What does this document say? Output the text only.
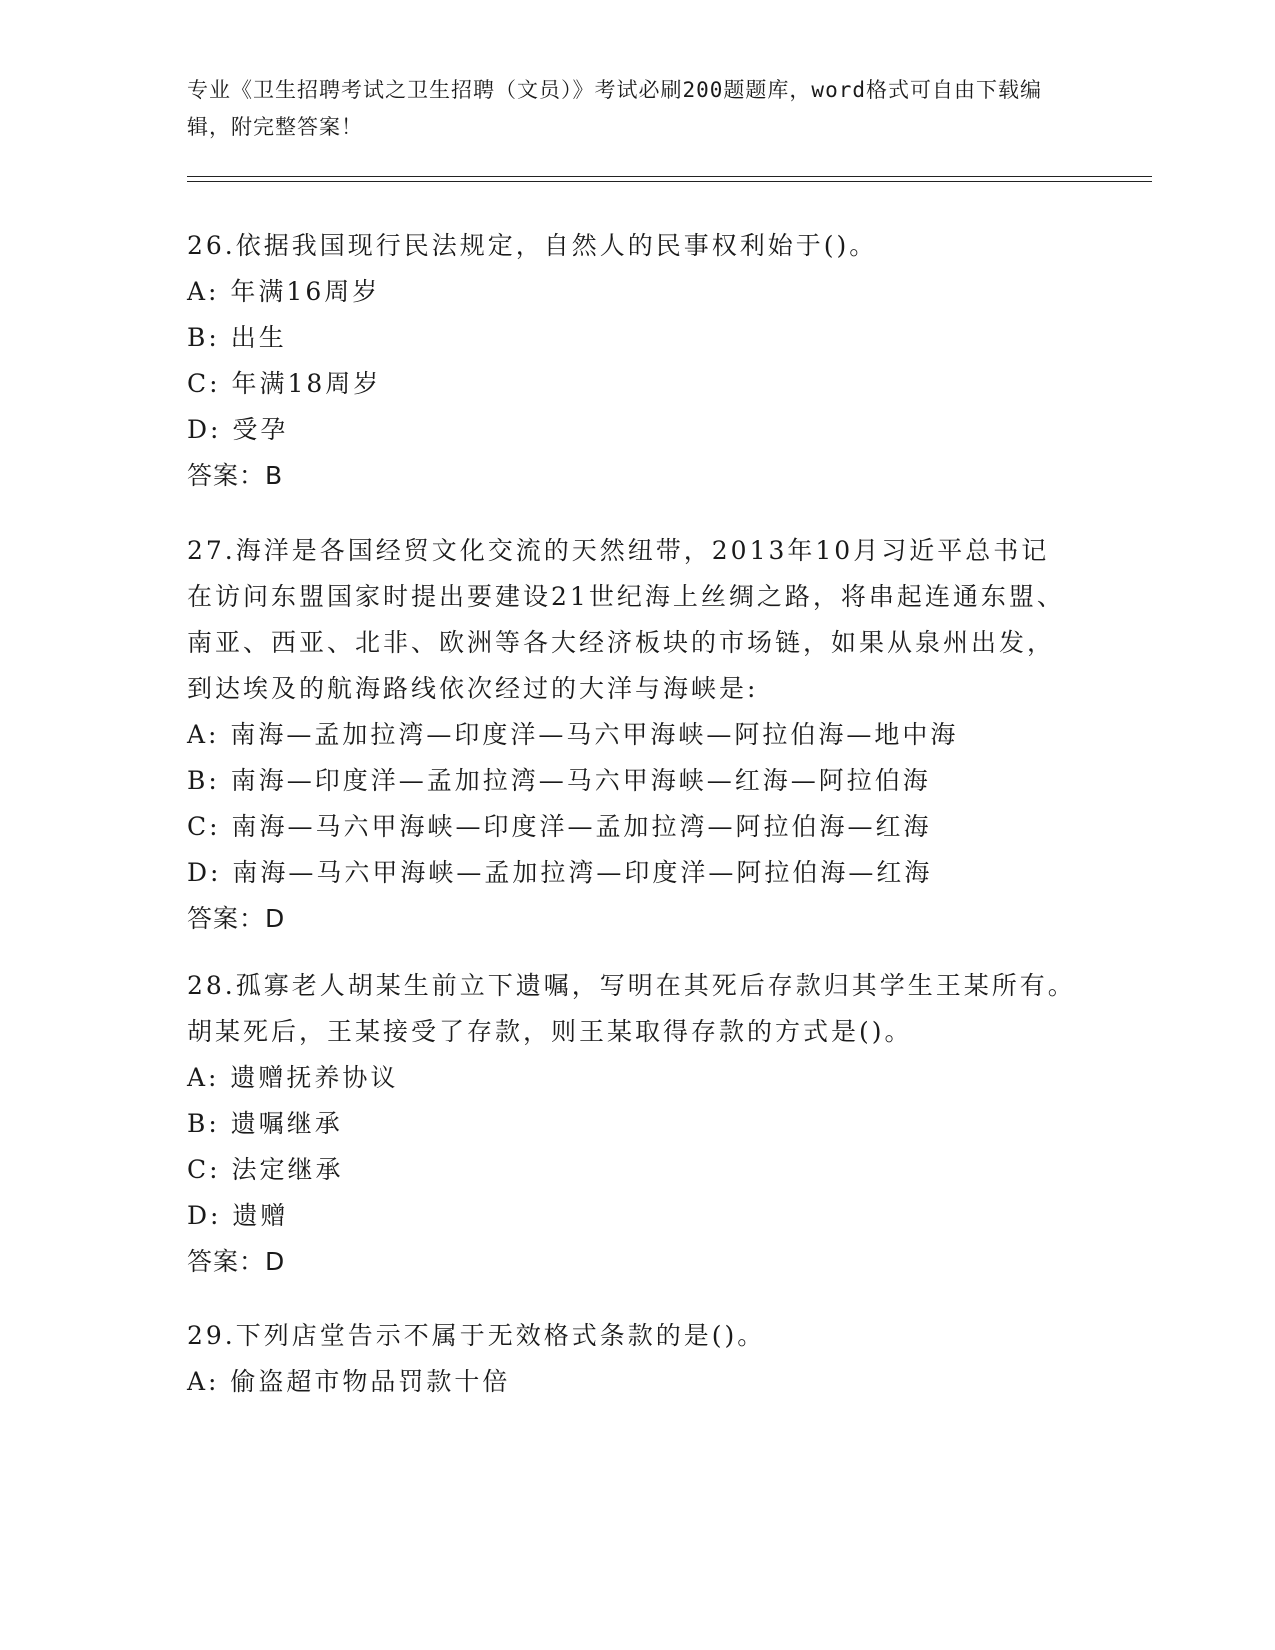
专业《卫生招聘考试之卫生招聘（文员）》考试必刷200题题库，word格式可自由下载编辑，附完整答案！
26.依据我国现行民法规定，自然人的民事权利始于()。
A: 年满16周岁
B: 出生
C: 年满18周岁
D: 受孕
答案：B
27.海洋是各国经贸文化交流的天然纽带，2013年10月习近平总书记在访问东盟国家时提出要建设21世纪海上丝绸之路，将串起连通东盟、南亚、西亚、北非、欧洲等各大经济板块的市场链，如果从泉州出发，到达埃及的航海路线依次经过的大洋与海峡是:
A: 南海—孟加拉湾—印度洋—马六甲海峡—阿拉伯海—地中海
B: 南海—印度洋—孟加拉湾—马六甲海峡—红海—阿拉伯海
C: 南海—马六甲海峡—印度洋—孟加拉湾—阿拉伯海—红海
D: 南海—马六甲海峡—孟加拉湾—印度洋—阿拉伯海—红海
答案：D
28.孤寡老人胡某生前立下遗嘱，写明在其死后存款归其学生王某所有。胡某死后，王某接受了存款，则王某取得存款的方式是()。
A: 遗赠抚养协议
B: 遗嘱继承
C: 法定继承
D: 遗赠
答案：D
29.下列店堂告示不属于无效格式条款的是()。
A: 偷盗超市物品罚款十倍
